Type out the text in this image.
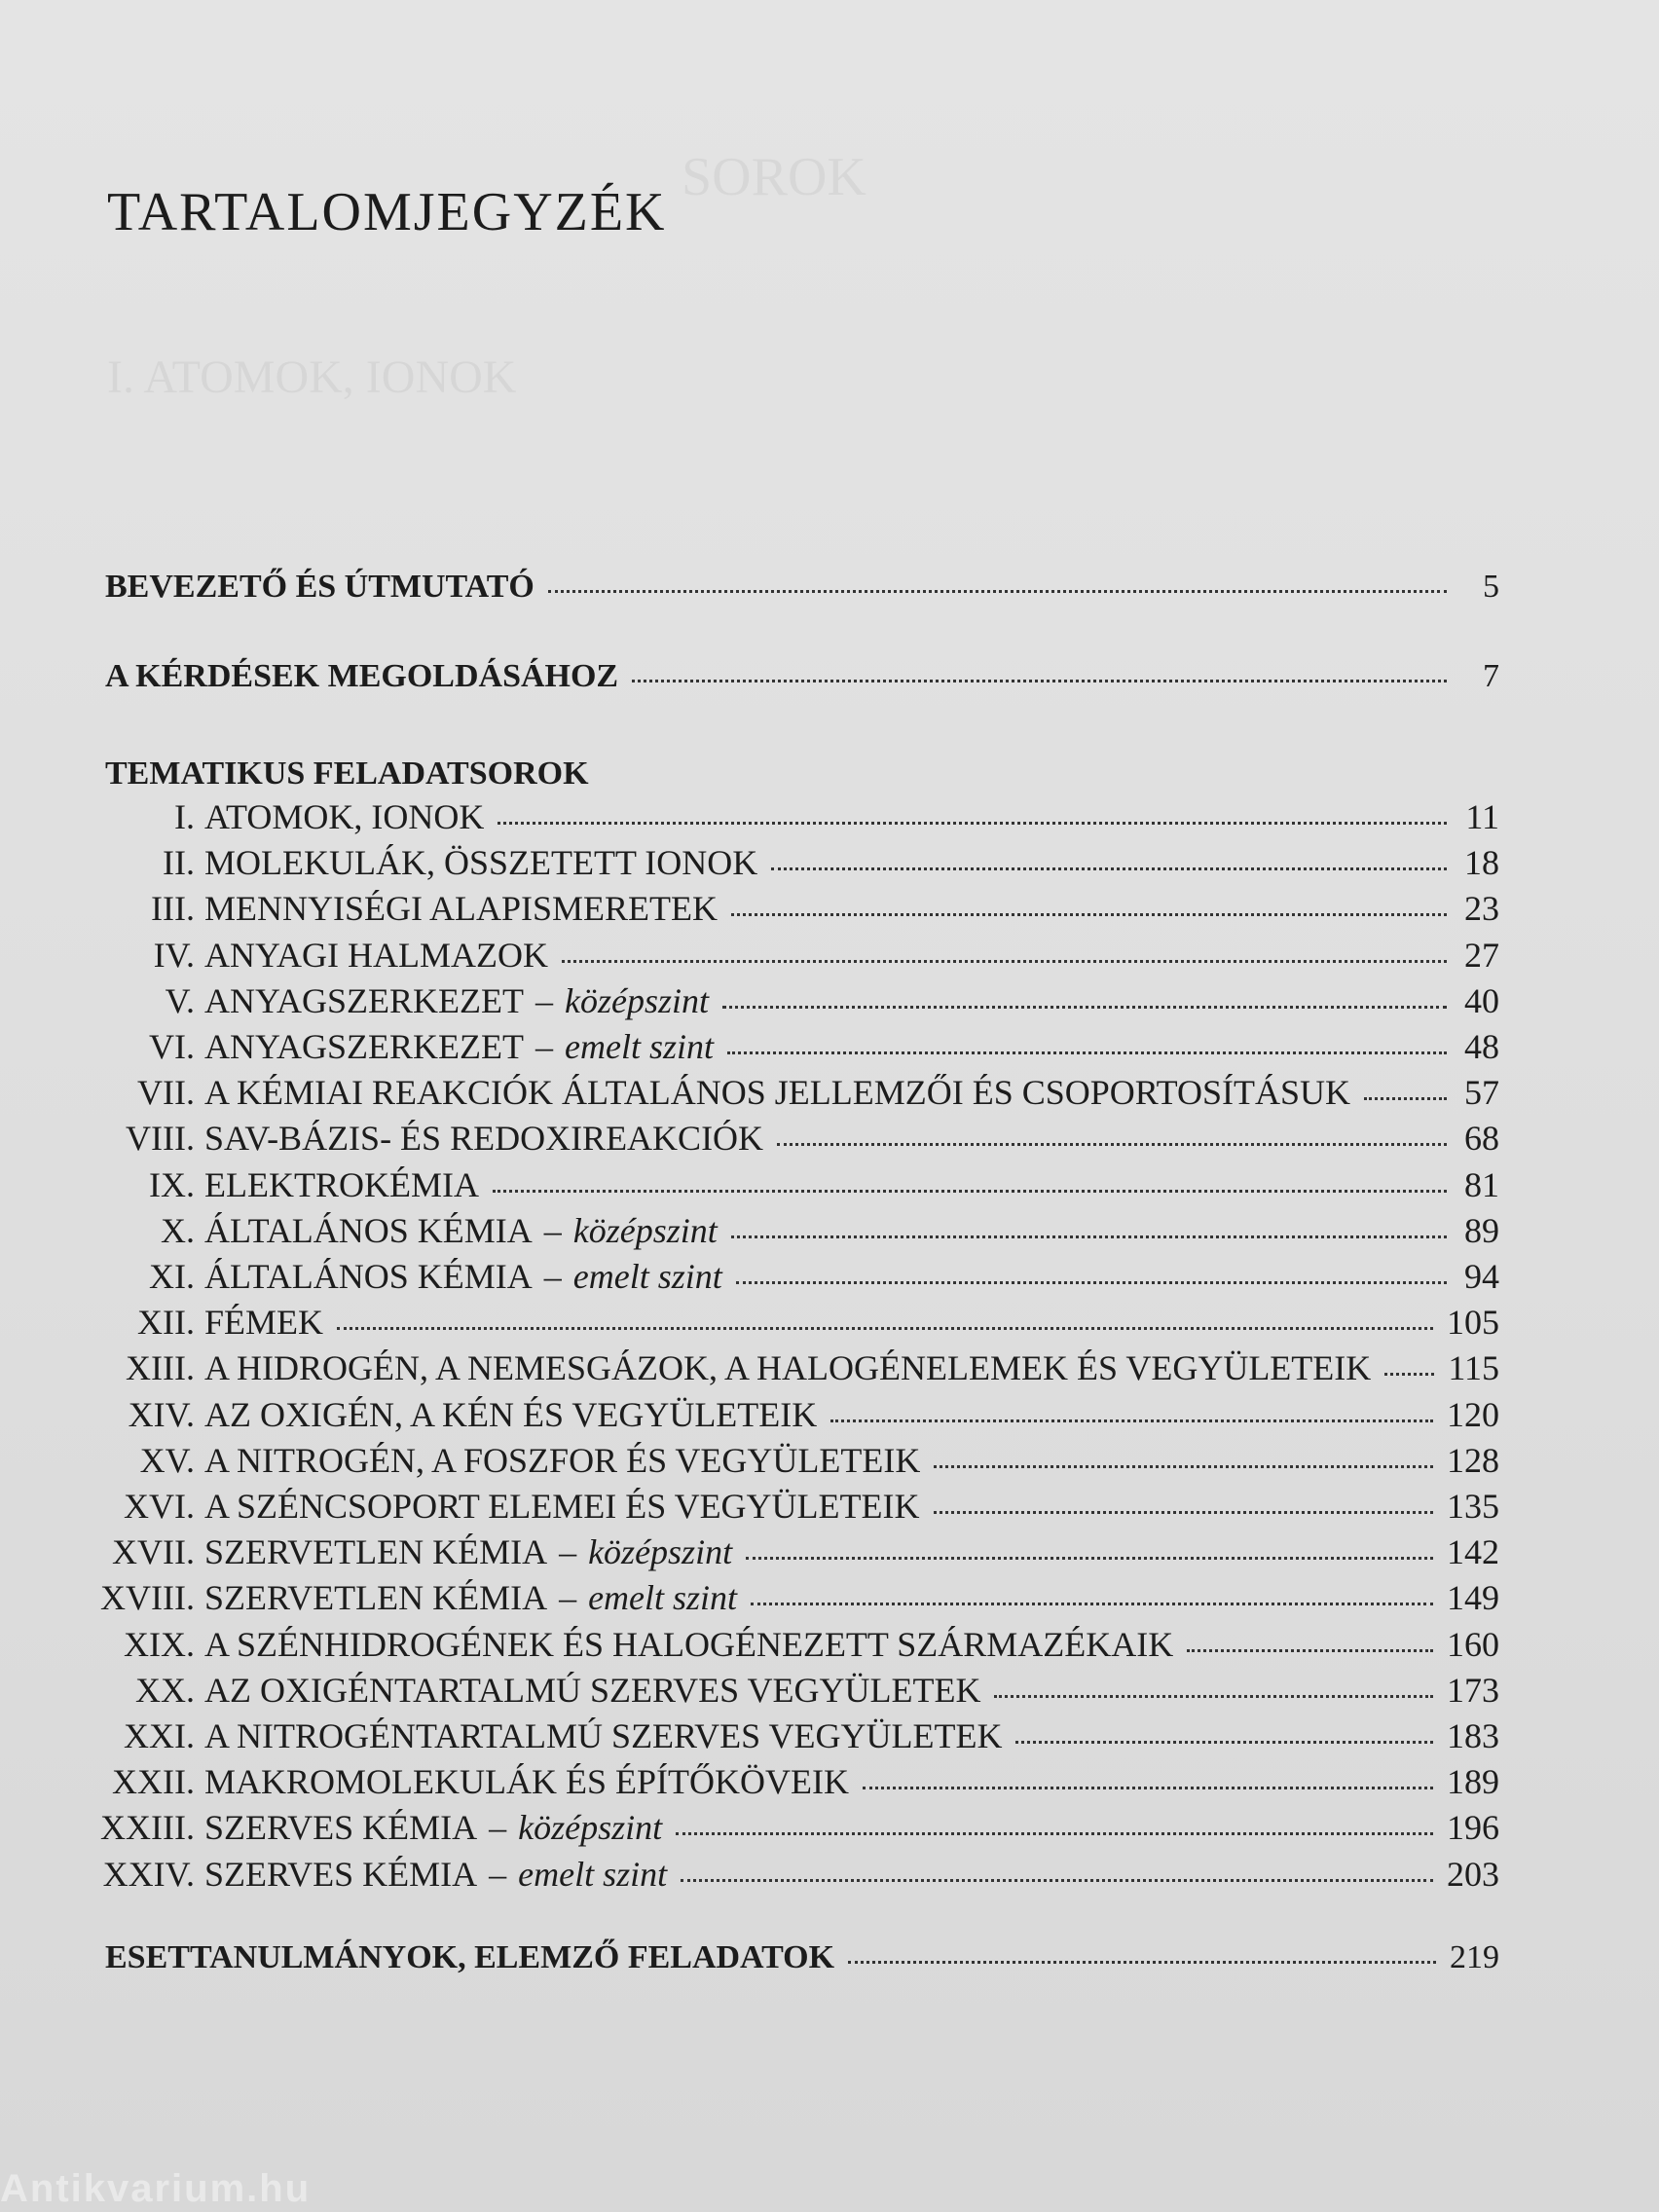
SOROK
I. ATOMOK, IONOK
TARTALOMJEGYZÉK
BEVEZETŐ ÉS ÚTMUTATÓ	5
A KÉRDÉSEK MEGOLDÁSÁHOZ	7
TEMATIKUS FELADATSOROK
I. ATOMOK, IONOK	11
II. MOLEKULÁK, ÖSSZETETT IONOK	18
III. MENNYISÉGI ALAPISMERETEK	23
IV. ANYAGI HALMAZOK	27
V. ANYAGSZERKEZET – középszint	40
VI. ANYAGSZERKEZET – emelt szint	48
VII. A KÉMIAI REAKCIÓK ÁLTALÁNOS JELLEMZŐI ÉS CSOPORTOSÍTÁSUK	57
VIII. SAV-BÁZIS- ÉS REDOXIREAKCIÓK	68
IX. ELEKTROKÉMIA	81
X. ÁLTALÁNOS KÉMIA – középszint	89
XI. ÁLTALÁNOS KÉMIA – emelt szint	94
XII. FÉMEK	105
XIII. A HIDROGÉN, A NEMESGÁZOK, A HALOGÉNELEMEK ÉS VEGYÜLETEIK 115
XIV. AZ OXIGÉN, A KÉN ÉS VEGYÜLETEIK	120
XV. A NITROGÉN, A FOSZFOR ÉS VEGYÜLETEIK	128
XVI. A SZÉNCSOPORT ELEMEI ÉS VEGYÜLETEIK	135
XVII. SZERVETLEN KÉMIA – középszint	142
XVIII. SZERVETLEN KÉMIA – emelt szint	149
XIX. A SZÉNHIDROGÉNEK ÉS HALOGÉNEZETT SZÁRMAZÉKAIK	160
XX. AZ OXIGÉNTARTALMÚ SZERVES VEGYÜLETEK	173
XXI. A NITROGÉNTARTALMÚ SZERVES VEGYÜLETEK	183
XXII. MAKROMOLEKULÁK ÉS ÉPÍTŐKÖVEIK	189
XXIII. SZERVES KÉMIA – középszint	196
XXIV. SZERVES KÉMIA – emelt szint	203
ESETTANULMÁNYOK, ELEMZŐ FELADATOK	219
Antikvarium.hu
